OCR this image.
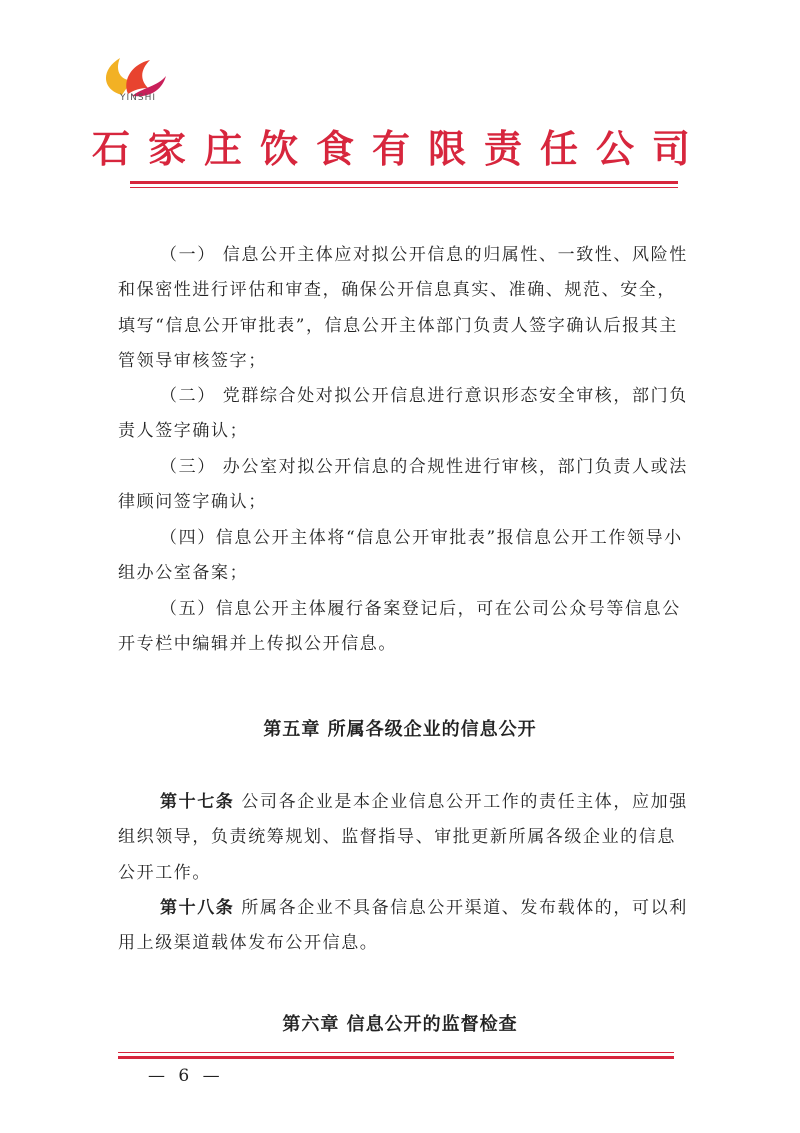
YINSHI
石家庄饮食有限责任公司

（一） 信息公开主体应对拟公开信息的归属性、一致性、风险性和保密性进行评估和审查，确保公开信息真实、准确、规范、安全，填写“信息公开审批表”，信息公开主体部门负责人签字确认后报其主管领导审核签字；

（二） 党群综合处对拟公开信息进行意识形态安全审核，部门负责人签字确认；

（三） 办公室对拟公开信息的合规性进行审核，部门负责人或法律顾问签字确认；

（四）信息公开主体将“信息公开审批表”报信息公开工作领导小组办公室备案；

（五）信息公开主体履行备案登记后，可在公司公众号等信息公开专栏中编辑并上传拟公开信息。

第五章 所属各级企业的信息公开

第十七条 公司各企业是本企业信息公开工作的责任主体，应加强组织领导，负责统筹规划、监督指导、审批更新所属各级企业的信息公开工作。

第十八条 所属各企业不具备信息公开渠道、发布载体的，可以利用上级渠道载体发布公开信息。

第六章 信息公开的监督检查
— 6 —
